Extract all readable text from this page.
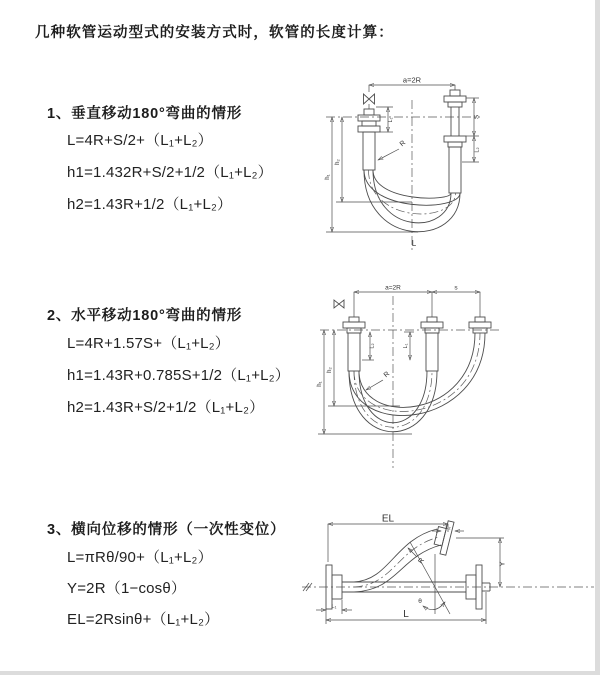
几种软管运动型式的安装方式时，软管的长度计算：
1、垂直移动180°弯曲的情形
L=4R+S/2+（L₁+L₂）
h1=1.432R+S/2+1/2（L₁+L₂）
h2=1.43R+1/2（L₁+L₂）
2、水平移动180°弯曲的情形
L=4R+1.57S+（L₁+L₂）
h1=1.43R+0.785S+1/2（L₁+L₂）
h2=1.43R+S/2+1/2（L₁+L₂）
3、横向位移的情形（一次性变位）
L=πRθ/90+（L₁+L₂）
Y=2R（1−cosθ）
EL=2Rsinθ+（L₁+L₂）
a=2R
L₁
S
L₂
h₁
h₂
R
L
a=2R	s
L₂	L₁
h₁
h₂
R
EL
L₂
Y
L
L₁
θ
R
